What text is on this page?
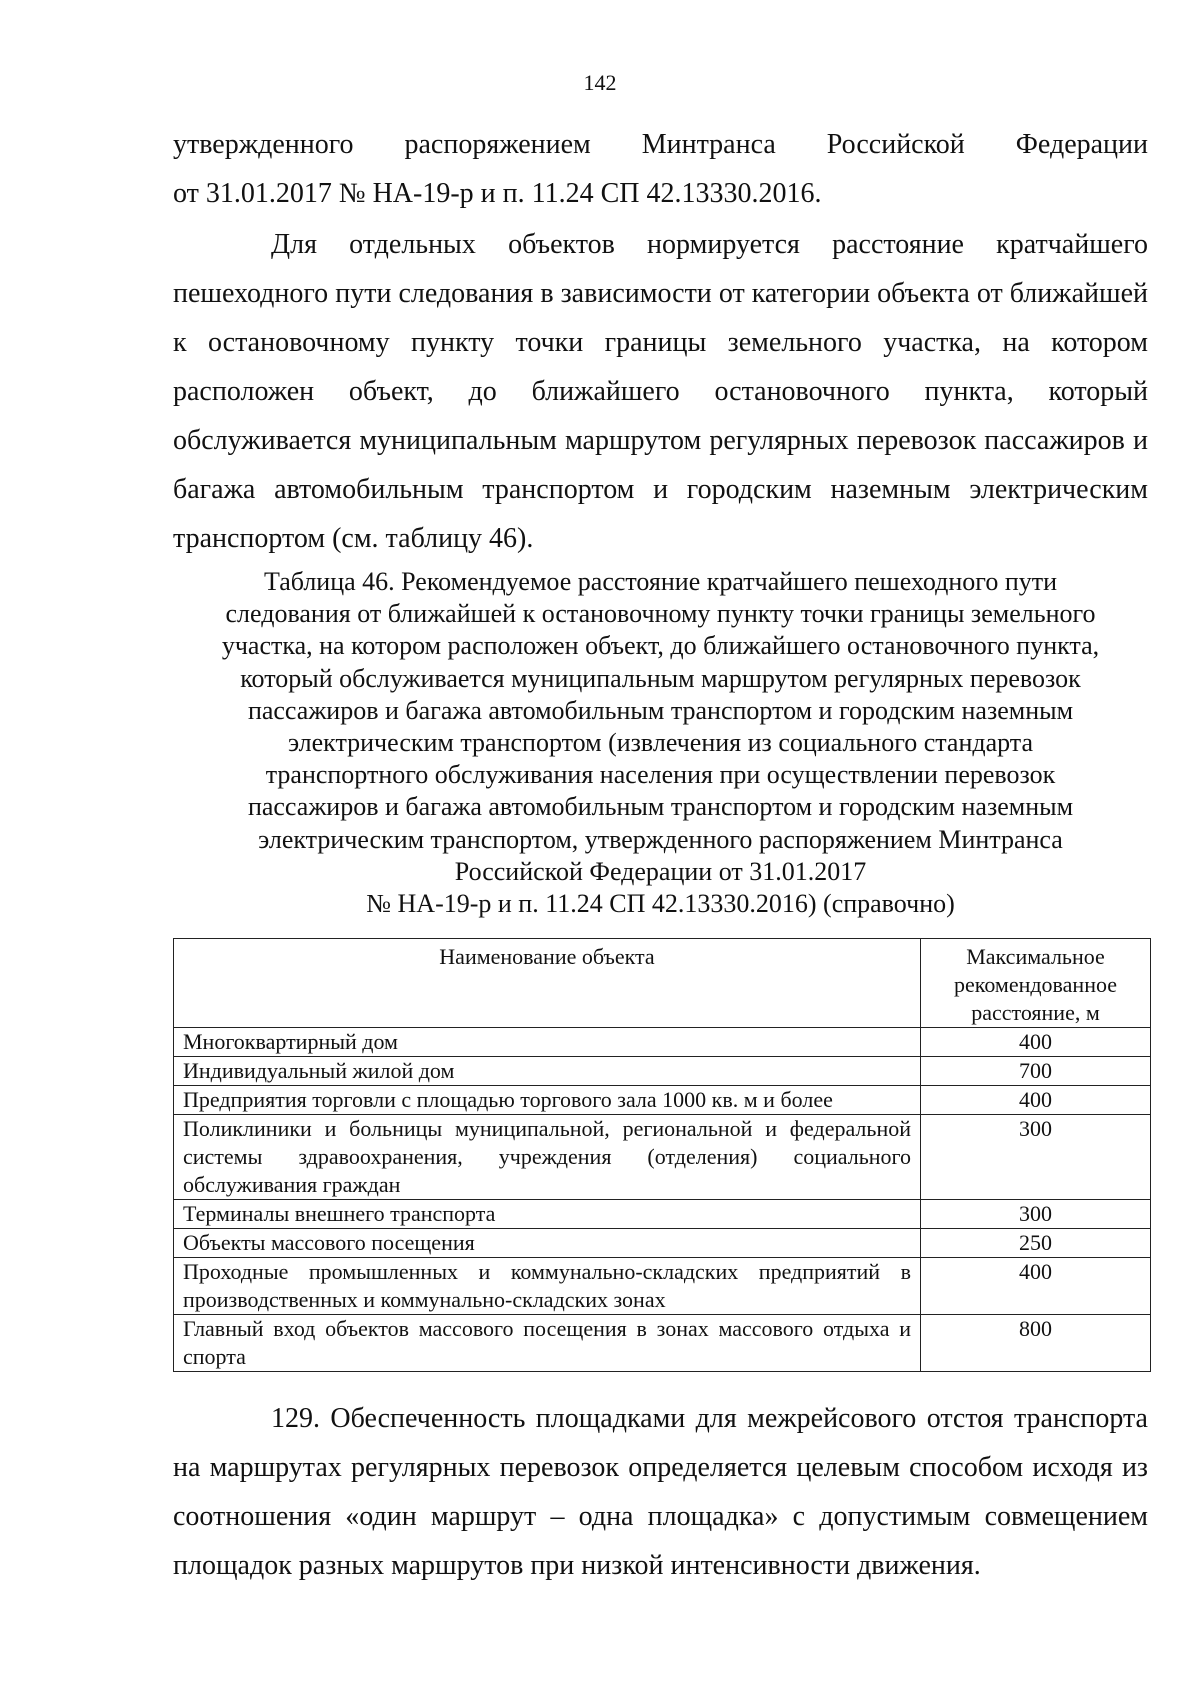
142
утвержденного распоряжением Минтранса Российской Федерации
от 31.01.2017 № НА-19-р и п. 11.24 СП 42.13330.2016.
Для отдельных объектов нормируется расстояние кратчайшего пешеходного пути следования в зависимости от категории объекта от ближайшей к остановочному пункту точки границы земельного участка, на котором расположен объект, до ближайшего остановочного пункта, который обслуживается муниципальным маршрутом регулярных перевозок пассажиров и багажа автомобильным транспортом и городским наземным электрическим транспортом (см. таблицу 46).
Таблица 46. Рекомендуемое расстояние кратчайшего пешеходного пути
следования от ближайшей к остановочному пункту точки границы земельного
участка, на котором расположен объект, до ближайшего остановочного пункта,
который обслуживается муниципальным маршрутом регулярных перевозок
пассажиров и багажа автомобильным транспортом и городским наземным
электрическим транспортом (извлечения из социального стандарта
транспортного обслуживания населения при осуществлении перевозок
пассажиров и багажа автомобильным транспортом и городским наземным
электрическим транспортом, утвержденного распоряжением Минтранса
Российской Федерации от 31.01.2017
№ НА-19-р и п. 11.24 СП 42.13330.2016) (справочно)
Наименование объекта	Максимальное рекомендованное расстояние, м
Многоквартирный дом	400
Индивидуальный жилой дом	700
Предприятия торговли с площадью торгового зала 1000 кв. м и более	400
Поликлиники и больницы муниципальной, региональной и федеральной системы здравоохранения, учреждения (отделения) социального обслуживания граждан	300
Терминалы внешнего транспорта	300
Объекты массового посещения	250
Проходные промышленных и коммунально-складских предприятий в производственных и коммунально-складских зонах	400
Главный вход объектов массового посещения в зонах массового отдыха и спорта	800
129. Обеспеченность площадками для межрейсового отстоя транспорта на маршрутах регулярных перевозок определяется целевым способом исходя из соотношения «один маршрут – одна площадка» с допустимым совмещением площадок разных маршрутов при низкой интенсивности движения.
